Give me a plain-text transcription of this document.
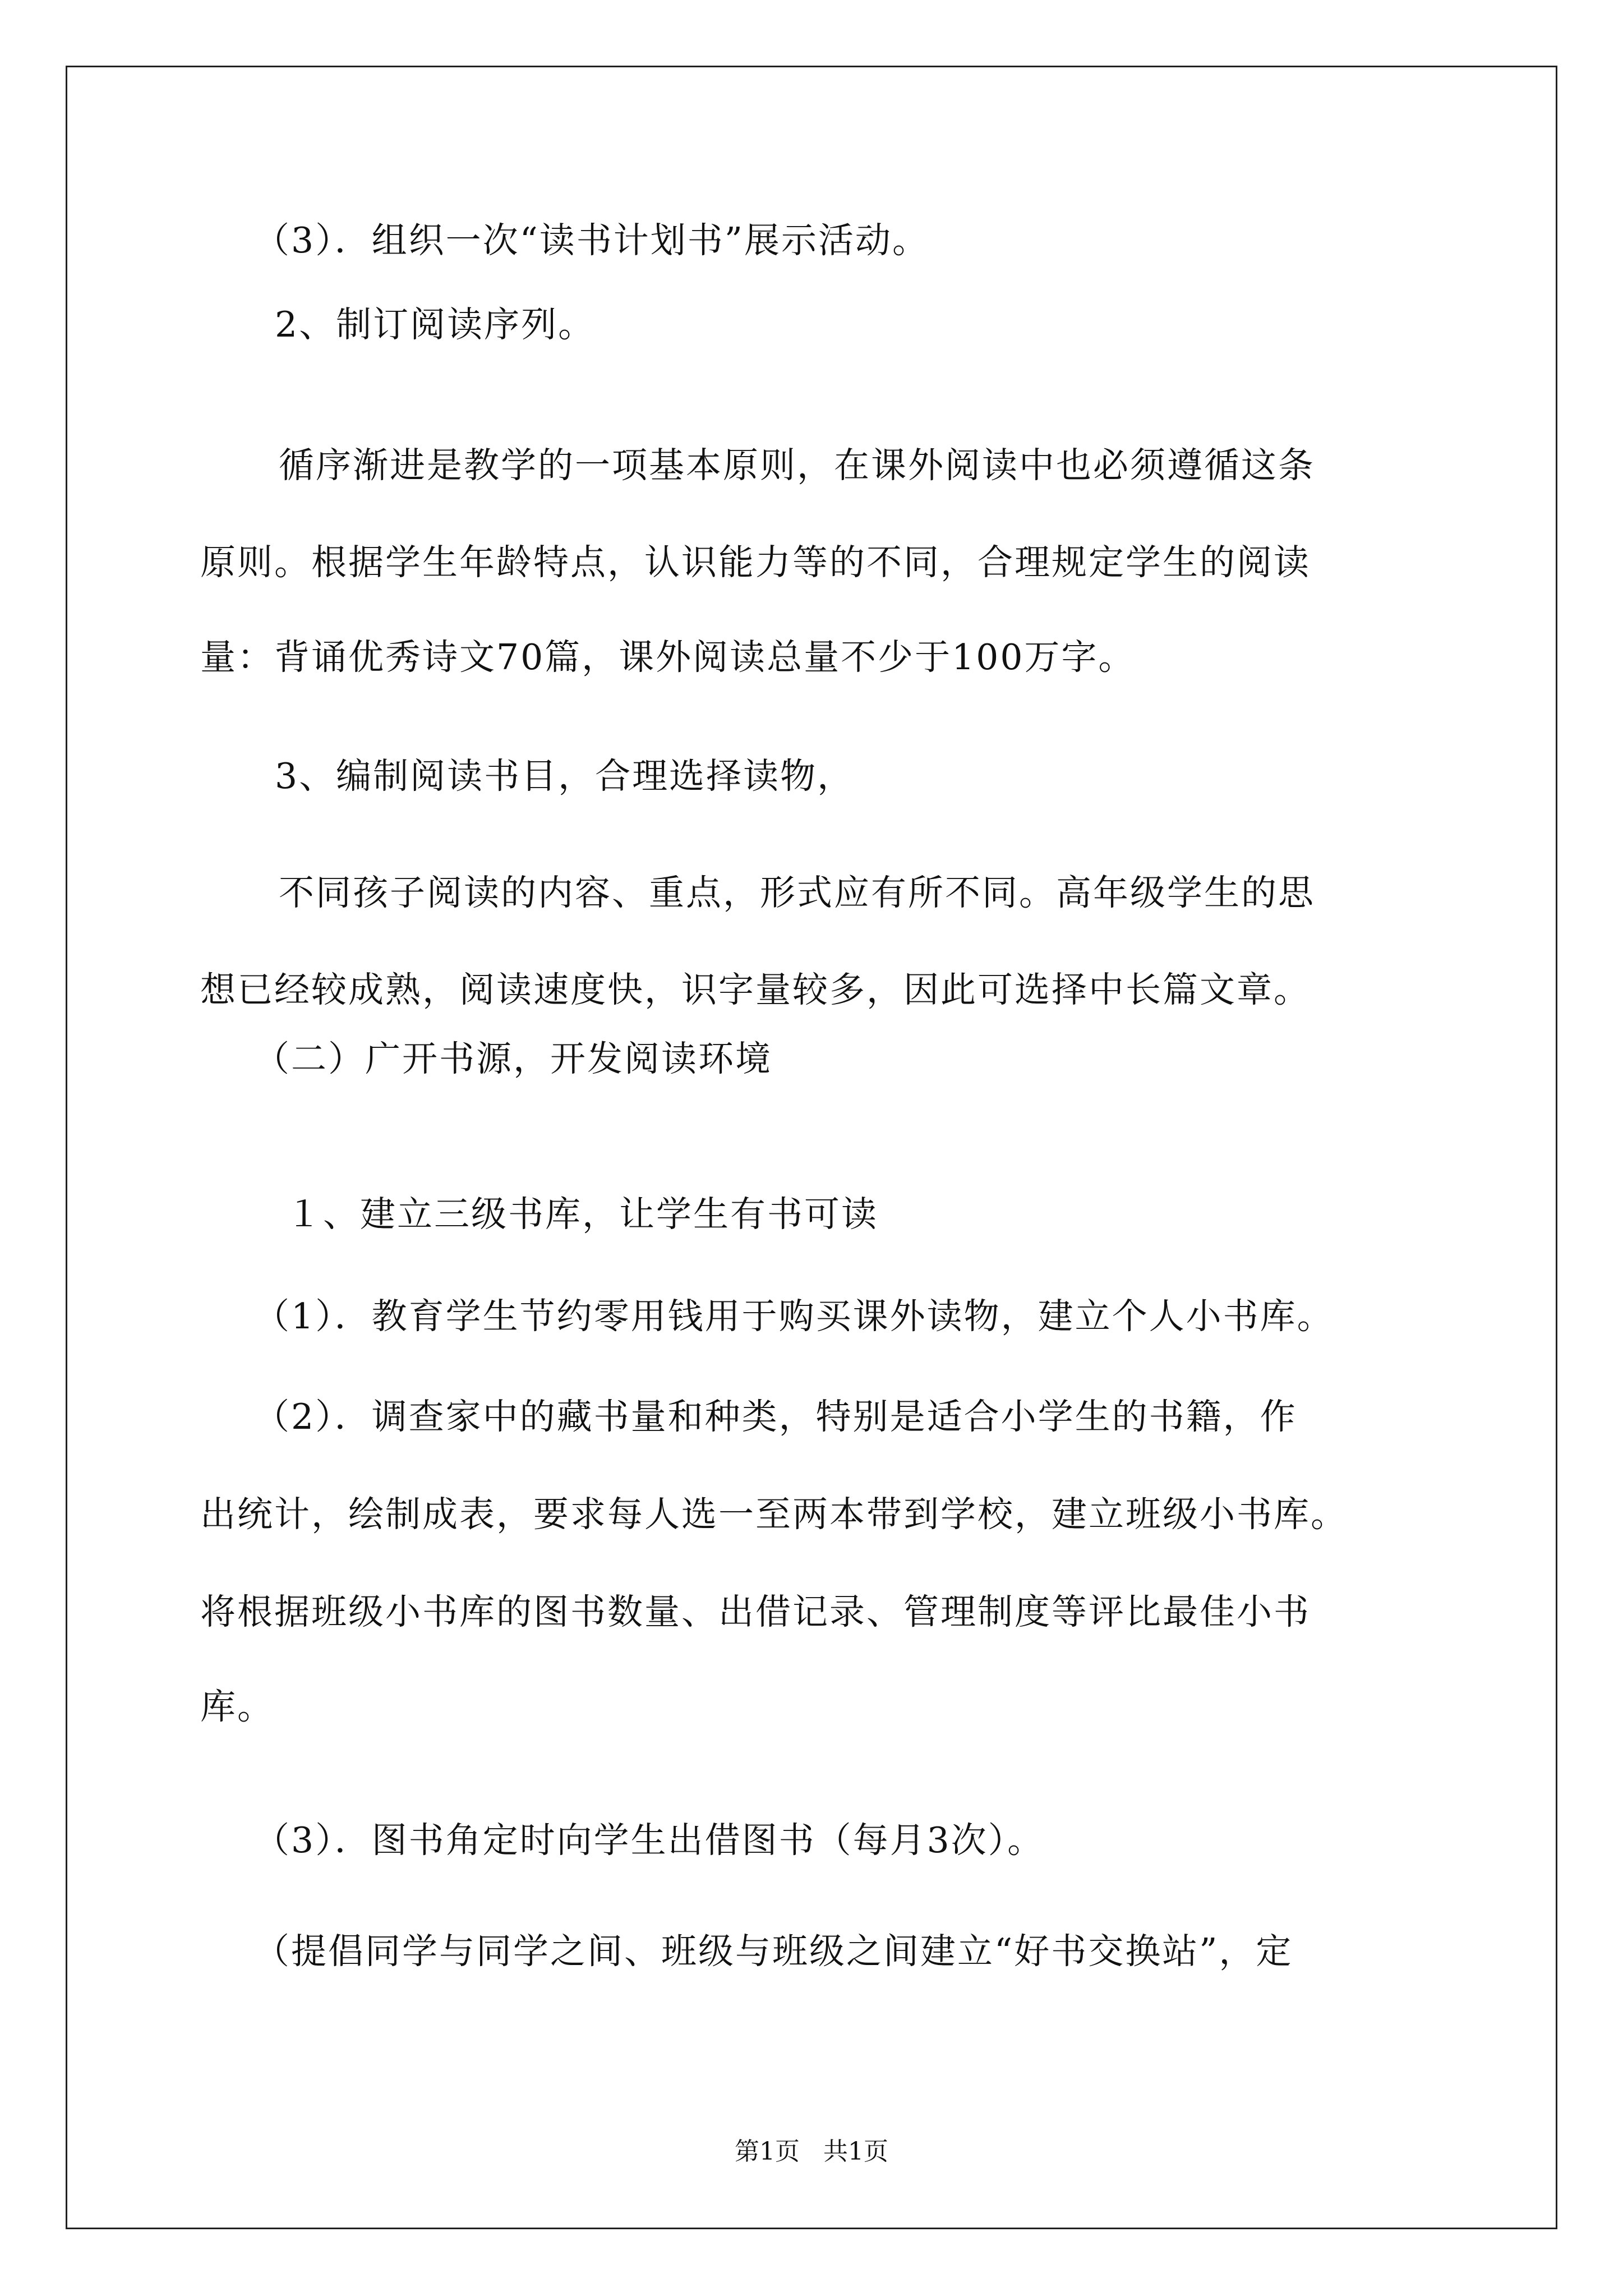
（3）．组织一次“读书计划书”展示活动。
2、制订阅读序列。
循序渐进是教学的一项基本原则，在课外阅读中也必须遵循这条
原则。根据学生年龄特点，认识能力等的不同，合理规定学生的阅读
量：背诵优秀诗文70篇，课外阅读总量不少于100万字。
3、编制阅读书目，合理选择读物，
不同孩子阅读的内容、重点，形式应有所不同。高年级学生的思
想已经较成熟，阅读速度快，识字量较多，因此可选择中长篇文章。
（二）广开书源，开发阅读环境
１、建立三级书库，让学生有书可读
（1）．教育学生节约零用钱用于购买课外读物，建立个人小书库。
（2）．调查家中的藏书量和种类，特别是适合小学生的书籍，作
出统计，绘制成表，要求每人选一至两本带到学校，建立班级小书库。
将根据班级小书库的图书数量、出借记录、管理制度等评比最佳小书
库。
（3）．图书角定时向学生出借图书（每月3次）。
（提倡同学与同学之间、班级与班级之间建立“好书交换站”，定
第1页   共1页
